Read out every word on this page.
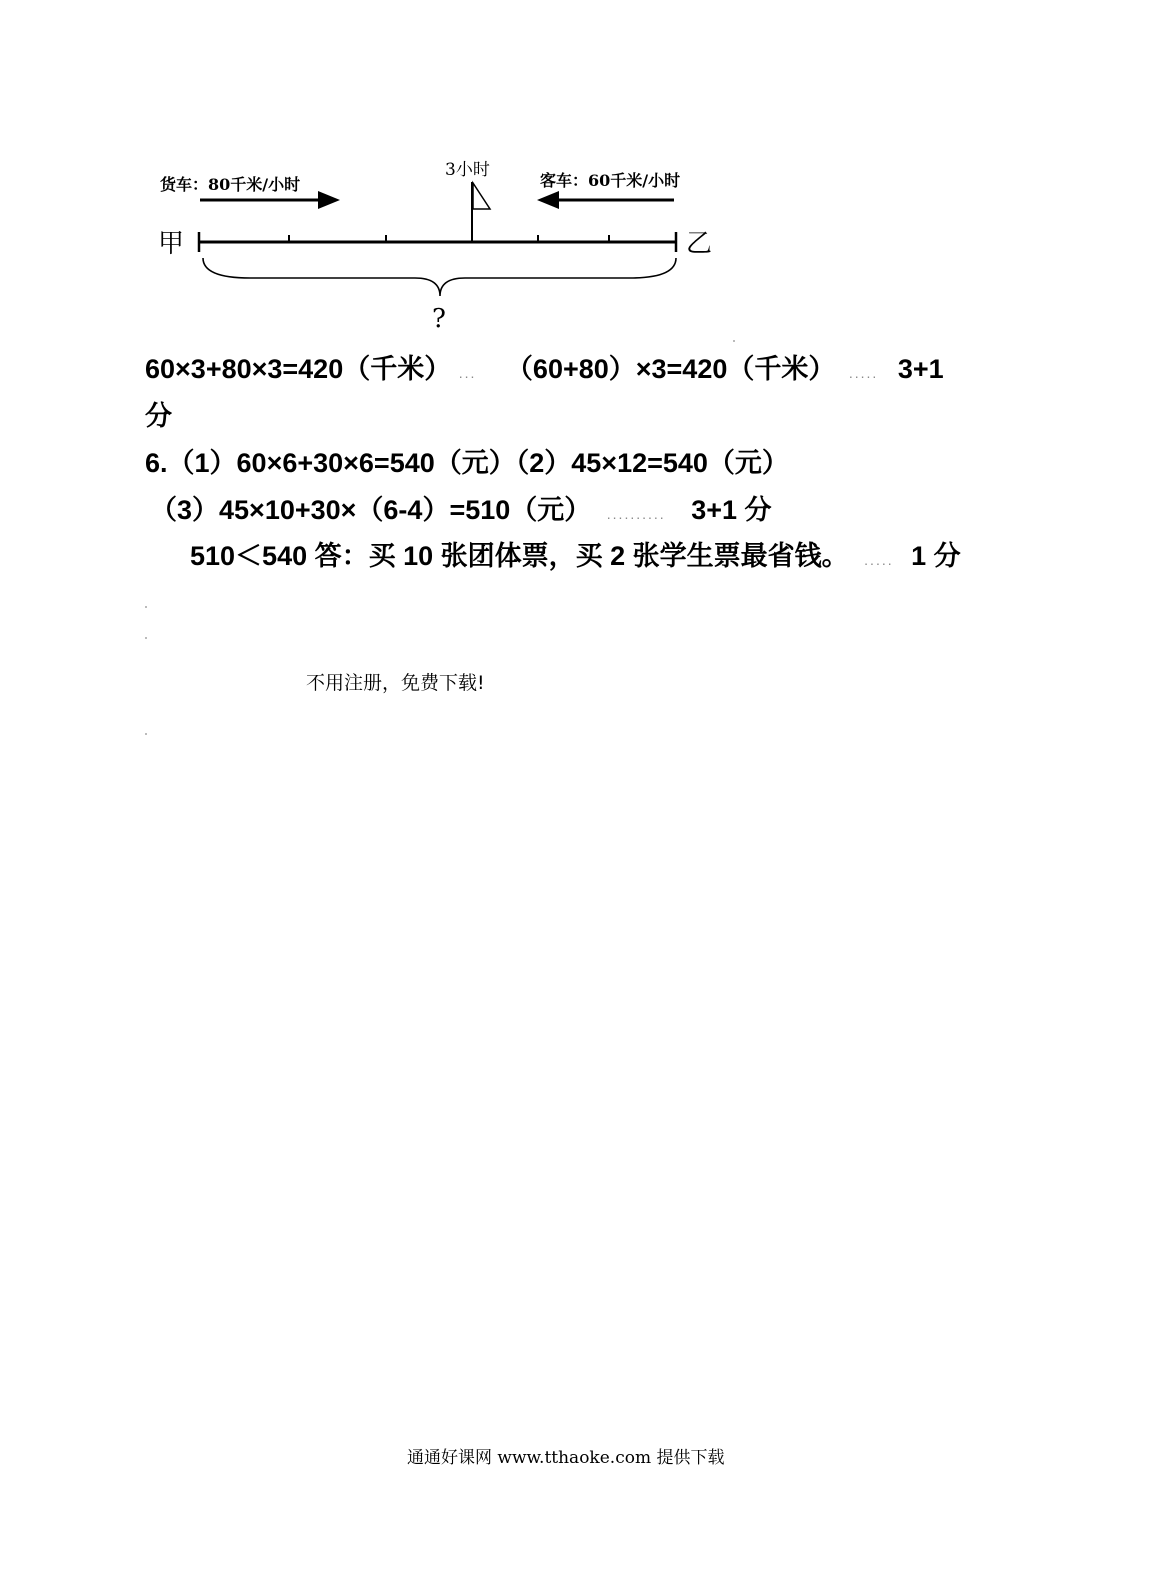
货车：80千米/小时	客车：60千米/小时
3小时
甲	乙
?
60×3+80×3=420（千米） ... （60+80）×3=420（千米） ..... 3+1
分
6.（1）60×6+30×6=540（元）（2）45×12=540（元）
（3）45×10+30×（6-4）=510（元） .......... 3+1 分
510＜540 答：买 10 张团体票，买 2 张学生票最省钱。 ..... 1 分
不用注册，免费下载!
通通好课网 www.tthaoke.com 提供下载
